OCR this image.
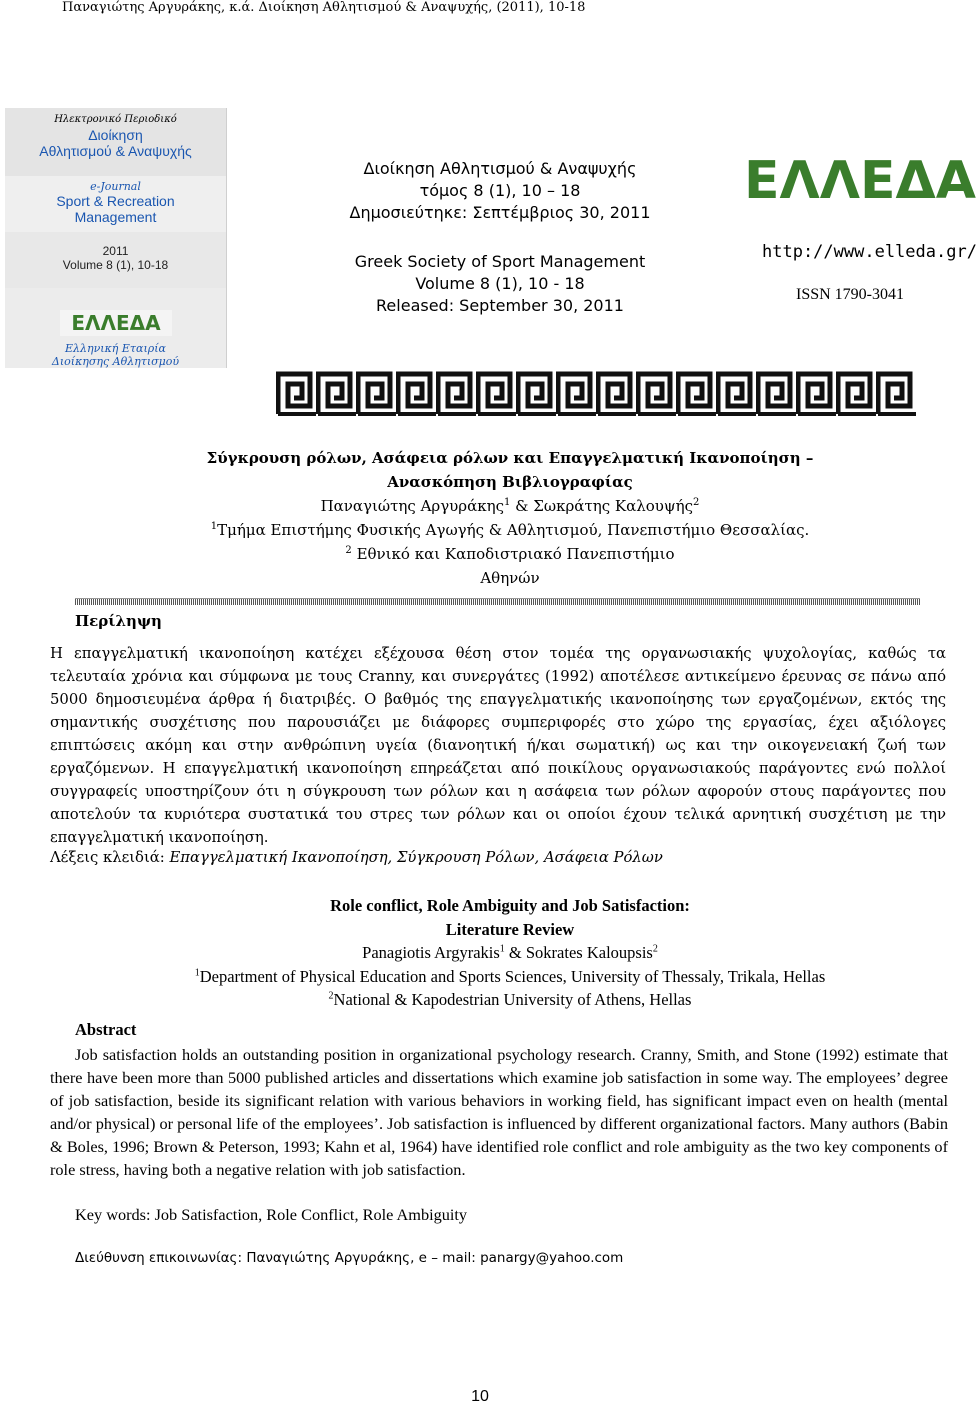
Παναγιώτης Αργυράκης, κ.ά. Διοίκηση Αθλητισμού & Αναψυχής, (2011), 10-18
Ηλεκτρονικό Περιοδικό
Διοίκηση
Αθλητισμού & Αναψυχής
e-Journal
Sport & Recreation
Management
2011
Volume 8 (1), 10-18
EΛΛEΔA
Ελληνική Εταιρία
Διοίκησης Αθλητισμού
Διοίκηση Αθλητισμού & Αναψυχής
τόμος 8 (1), 10 – 18
Δημοσιεύτηκε: Σεπτέμβριος 30, 2011
Greek Society of Sport Management
Volume 8 (1), 10 - 18
Released: September 30, 2011
EΛΛEΔA
http://www.elleda.gr/
ISSN 1790-3041
Σύγκρουση ρόλων, Ασάφεια ρόλων και Επαγγελματική Ικανοποίηση –
Ανασκόπηση Βιβλιογραφίας
Παναγιώτης Αργυράκης$^1$ & Σωκράτης Καλουψής$^2$
$^1$Τμήμα Επιστήμης Φυσικής Αγωγής & Αθλητισμού, Πανεπιστήμιο Θεσσαλίας.
$^2$ Εθνικό και Καποδιστριακό Πανεπιστήμιο
Αθηνών
Περίληψη
Η επαγγελματική ικανοποίηση κατέχει εξέχουσα θέση στον τομέα της οργανωσιακής ψυχολογίας, καθώς τα τελευταία χρόνια και σύμφωνα με τους Cranny, και συνεργάτες (1992) αποτέλεσε αντικείμενο έρευνας σε πάνω από 5000 δημοσιευμένα άρθρα ή διατριβές. Ο βαθμός της επαγγελματικής ικανοποίησης των εργαζομένων, εκτός της σημαντικής συσχέτισης που παρουσιάζει με διάφορες συμπεριφορές στο χώρο της εργασίας, έχει αξιόλογες επιπτώσεις ακόμη και στην ανθρώπινη υγεία (διανοητική ή/και σωματική) ως και την οικογενειακή ζωή των εργαζόμενων. Η επαγγελματική ικανοποίηση επηρεάζεται από ποικίλους οργανωσιακούς παράγοντες ενώ πολλοί συγγραφείς υποστηρίζουν ότι η σύγκρουση των ρόλων και η ασάφεια των ρόλων αφορούν στους παράγοντες που αποτελούν τα κυριότερα συστατικά του στρες των ρόλων και οι οποίοι έχουν τελικά αρνητική συσχέτιση με την επαγγελματική ικανοποίηση.
Λέξεις κλειδιά: Επαγγελματική Ικανοποίηση, Σύγκρουση Ρόλων, Ασάφεια Ρόλων
Role conflict, Role Ambiguity and Job Satisfaction:
Literature Review
Panagiotis Argyrakis$^1$ & Sokrates Kaloupsis$^2$
$^1$Department of Physical Education and Sports Sciences, University of Thessaly, Trikala, Hellas
$^2$National & Kapodestrian University of Athens, Hellas
Abstract
Job satisfaction holds an outstanding position in organizational psychology research. Cranny, Smith, and Stone (1992) estimate that there have been more than 5000 published articles and dissertations which examine job satisfaction in some way. The employees’ degree of job satisfaction, beside its significant relation with various behaviors in working field, has significant impact even on health (mental and/or physical) or personal life of the employees’. Job satisfaction is influenced by different organizational factors. Many authors (Babin & Boles, 1996; Brown & Peterson, 1993; Kahn et al, 1964) have identified role conflict and role ambiguity as the two key components of role stress, having both a negative relation with job satisfaction.
Key words: Job Satisfaction, Role Conflict, Role Ambiguity
Διεύθυνση επικοινωνίας: Παναγιώτης Αργυράκης, e – mail: panargy@yahoo.com
10
